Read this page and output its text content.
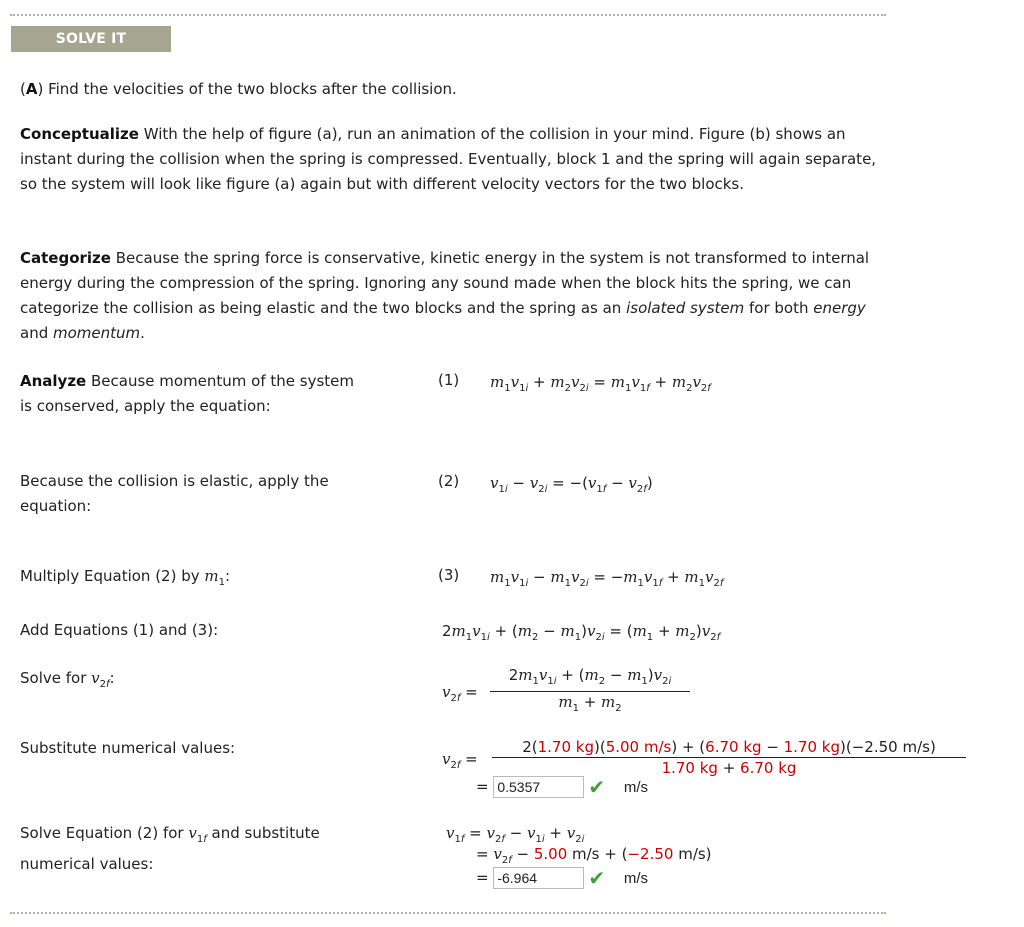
SOLVE IT
(A) Find the velocities of the two blocks after the collision.
Conceptualize With the help of figure (a), run an animation of the collision in your mind. Figure (b) shows an instant during the collision when the spring is compressed. Eventually, block 1 and the spring will again separate, so the system will look like figure (a) again but with different velocity vectors for the two blocks.
Categorize Because the spring force is conservative, kinetic energy in the system is not transformed to internal energy during the compression of the spring. Ignoring any sound made when the block hits the spring, we can categorize the collision as being elastic and the two blocks and the spring as an isolated system for both energy and momentum.
Analyze Because momentum of the system is conserved, apply the equation:
(1) $m_1v_{1i} + m_2v_{2i} = m_1v_{1f} + m_2v_{2f}$
Because the collision is elastic, apply the equation:
(2) $v_{1i} - v_{2i} = -(v_{1f} - v_{2f})$
Multiply Equation (2) by $m_1$:	(3) $m_1v_{1i} - m_1v_{2i} = -m_1v_{1f} + m_1v_{2f}$
Add Equations (1) and (3):	$2m_1v_{1i} + (m_2 - m_1)v_{2i} = (m_1 + m_2)v_{2f}$
Solve for $v_{2f}$:
$v_{2f} = \frac{2m_1v_{1i} + (m_2 - m_1)v_{2i}}{m_1 + m_2}$
Substitute numerical values:
$v_{2f} = \frac{2(1.70 kg)(5.00 m/s) + (6.70 kg - 1.70 kg)(-2.50 m/s)}{1.70 kg + 6.70 kg}$
= 0.5357 ✔ m/s
Solve Equation (2) for $v_{1f}$ and substitute numerical values:
$v_{1f} = v_{2f} - v_{1i} + v_{2i}$
= $v_{2f} - 5.00$ m/s + (−2.50 m/s)
= -6.964	✔ m/s
